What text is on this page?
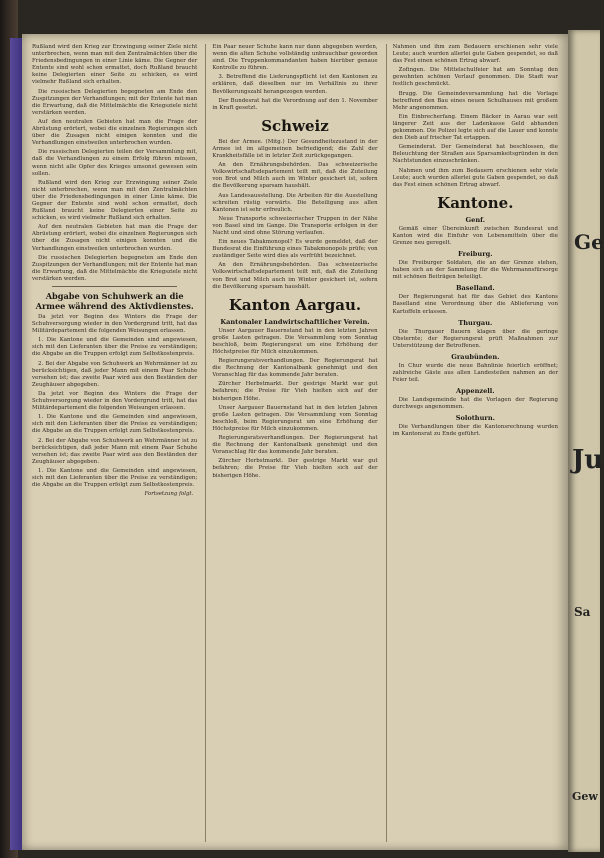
Rußland wird den Krieg zur Erzwingung seiner Ziele nicht unterbrechen, wenn man mit den Zentralmächten über die Friedensbedingungen in einer Linie käme. Die Gegner der Entente sind wohl schon ermattet, doch Rußland braucht keine Delegierten einer Seite zu schicken, es wird vielmehr Rußland sich erhalten.

Die russischen Delegierten begegneten am Ende den Zuspitzungen der Verhandlungen; mit der Entente hat man die Erwartung, daß die Mittelmächte die Kriegsziele nicht verstärken werden.

Auf den neutralen Gebieten hat man die Frage der Abrüstung erörtert, wobei die einzelnen Regierungen sich über die Zusagen nicht einigen konnten und die Verhandlungen einstweilen unterbrochen wurden.

Die russischen Delegierten teilen der Versammlung mit, daß die Verhandlungen zu einem Erfolg führen müssen, wenn nicht alle Opfer des Krieges umsonst gewesen sein sollen.

Rußland wird den Krieg zur Erzwingung seiner Ziele nicht unterbrechen, wenn man mit den Zentralmächten über die Friedensbedingungen in einer Linie käme. Die Gegner der Entente sind wohl schon ermattet, doch Rußland braucht keine Delegierten einer Seite zu schicken, es wird vielmehr Rußland sich erhalten.

Auf den neutralen Gebieten hat man die Frage der Abrüstung erörtert, wobei die einzelnen Regierungen sich über die Zusagen nicht einigen konnten und die Verhandlungen einstweilen unterbrochen wurden.

Die russischen Delegierten begegneten am Ende den Zuspitzungen der Verhandlungen; mit der Entente hat man die Erwartung, daß die Mittelmächte die Kriegsziele nicht verstärken werden.

Abgabe von Schuhwerk an die Armee während des Aktivdienstes.

Da jetzt vor Beginn des Winters die Frage der Schuhversorgung wieder in den Vordergrund tritt, hat das Militärdepartement die folgenden Weisungen erlassen.

1. Die Kantone und die Gemeinden sind angewiesen, sich mit den Lieferanten über die Preise zu verständigen; die Abgabe an die Truppen erfolgt zum Selbstkostenpreis.

2. Bei der Abgabe von Schuhwerk an Wehrmänner ist zu berücksichtigen, daß jeder Mann mit einem Paar Schuhe versehen ist; das zweite Paar wird aus den Beständen der Zeughäuser abgegeben.

Da jetzt vor Beginn des Winters die Frage der Schuhversorgung wieder in den Vordergrund tritt, hat das Militärdepartement die folgenden Weisungen erlassen.

1. Die Kantone und die Gemeinden sind angewiesen, sich mit den Lieferanten über die Preise zu verständigen; die Abgabe an die Truppen erfolgt zum Selbstkostenpreis.

2. Bei der Abgabe von Schuhwerk an Wehrmänner ist zu berücksichtigen, daß jeder Mann mit einem Paar Schuhe versehen ist; das zweite Paar wird aus den Beständen der Zeughäuser abgegeben.

1. Die Kantone und die Gemeinden sind angewiesen, sich mit den Lieferanten über die Preise zu verständigen; die Abgabe an die Truppen erfolgt zum Selbstkostenpreis.

Fortsetzung folgt.

Ein Paar neuer Schuhe kann nur dann abgegeben werden, wenn die alten Schuhe vollständig unbrauchbar geworden sind. Die Truppenkommandanten haben hierüber genaue Kontrolle zu führen.

3. Betreffend die Lieferungspflicht ist den Kantonen zu erklären, daß dieselben nur im Verhältnis zu ihrer Bevölkerungszahl herangezogen werden.

Der Bundesrat hat die Verordnung auf den 1. November in Kraft gesetzt.

Schweiz

Bei der Armee. (Mitg.) Der Gesundheitszustand in der Armee ist im allgemeinen befriedigend; die Zahl der Krankheitsfälle ist in letzter Zeit zurückgegangen.

An den Ernährungsbehörden. Das schweizerische Volkswirtschaftsdepartement teilt mit, daß die Zuteilung von Brot und Milch auch im Winter gesichert ist, sofern die Bevölkerung sparsam haushält.

Aus Landesausstellung. Die Arbeiten für die Ausstellung schreiten rüstig vorwärts. Die Beteiligung aus allen Kantonen ist sehr erfreulich.

Neue Transporte schweizerischer Truppen in der Nähe von Basel sind im Gange. Die Transporte erfolgen in der Nacht und sind ohne Störung verlaufen.

Ein neues Tabakmonopol? Es wurde gemeldet, daß der Bundesrat die Einführung eines Tabakmonopols prüfe; von zuständiger Seite wird dies als verfrüht bezeichnet.

An den Ernährungsbehörden. Das schweizerische Volkswirtschaftsdepartement teilt mit, daß die Zuteilung von Brot und Milch auch im Winter gesichert ist, sofern die Bevölkerung sparsam haushält.

Kanton Aargau.
Kantonaler Landwirtschaftlicher Verein.

Unser Aargauer Bauernstand hat in den letzten Jahren große Lasten getragen. Die Versammlung vom Sonntag beschloß, beim Regierungsrat um eine Erhöhung der Höchstpreise für Milch einzukommen.

Regierungsratsverhandlungen. Der Regierungsrat hat die Rechnung der Kantonalbank genehmigt und den Voranschlag für das kommende Jahr beraten.

Zürcher Herbstmarkt. Der gestrige Markt war gut befahren; die Preise für Vieh hielten sich auf der bisherigen Höhe.

Unser Aargauer Bauernstand hat in den letzten Jahren große Lasten getragen. Die Versammlung vom Sonntag beschloß, beim Regierungsrat um eine Erhöhung der Höchstpreise für Milch einzukommen.

Regierungsratsverhandlungen. Der Regierungsrat hat die Rechnung der Kantonalbank genehmigt und den Voranschlag für das kommende Jahr beraten.

Zürcher Herbstmarkt. Der gestrige Markt war gut befahren; die Preise für Vieh hielten sich auf der bisherigen Höhe.

Nahmen und ihm zum Bedauern erschienen sehr viele Leute; auch wurden allerlei gute Gaben gespendet, so daß das Fest einen schönen Ertrag abwarf.

Zofingen. Die Mittelschulfeier hat am Sonntag den gewohnten schönen Verlauf genommen. Die Stadt war festlich geschmückt.

Brugg. Die Gemeindeversammlung hat die Vorlage betreffend den Bau eines neuen Schulhauses mit großem Mehr angenommen.

Ein Einbrecherfang. Einem Bäcker in Aarau war seit längerer Zeit aus der Ladenkasse Geld abhanden gekommen. Die Polizei legte sich auf die Lauer und konnte den Dieb auf frischer Tat ertappen.

Gemeinderat. Der Gemeinderat hat beschlossen, die Beleuchtung der Straßen aus Sparsamkeitsgründen in den Nachtstunden einzuschränken.

Nahmen und ihm zum Bedauern erschienen sehr viele Leute; auch wurden allerlei gute Gaben gespendet, so daß das Fest einen schönen Ertrag abwarf.

Kantone.
Genf.

Gemäß einer Übereinkunft zwischen Bundesrat und Kanton wird die Einfuhr von Lebensmitteln über die Grenze neu geregelt.

Freiburg.

Die Freiburger Soldaten, die an der Grenze stehen, haben sich an der Sammlung für die Wehrmannsfürsorge mit schönen Beiträgen beteiligt.

Baselland.

Der Regierungsrat hat für das Gebiet des Kantons Baselland eine Verordnung über die Ablieferung von Kartoffeln erlassen.

Thurgau.

Die Thurgauer Bauern klagen über die geringe Obsternte; der Regierungsrat prüft Maßnahmen zur Unterstützung der Betroffenen.

Graubünden.

In Chur wurde die neue Bahnlinie feierlich eröffnet; zahlreiche Gäste aus allen Landesteilen nahmen an der Feier teil.

Appenzell.

Die Landsgemeinde hat die Vorlagen der Regierung durchwegs angenommen.

Solothurn.

Die Verhandlungen über die Kantonsrechnung wurden im Kantonsrat zu Ende geführt.

Ge
Ju
Sa
Gew
